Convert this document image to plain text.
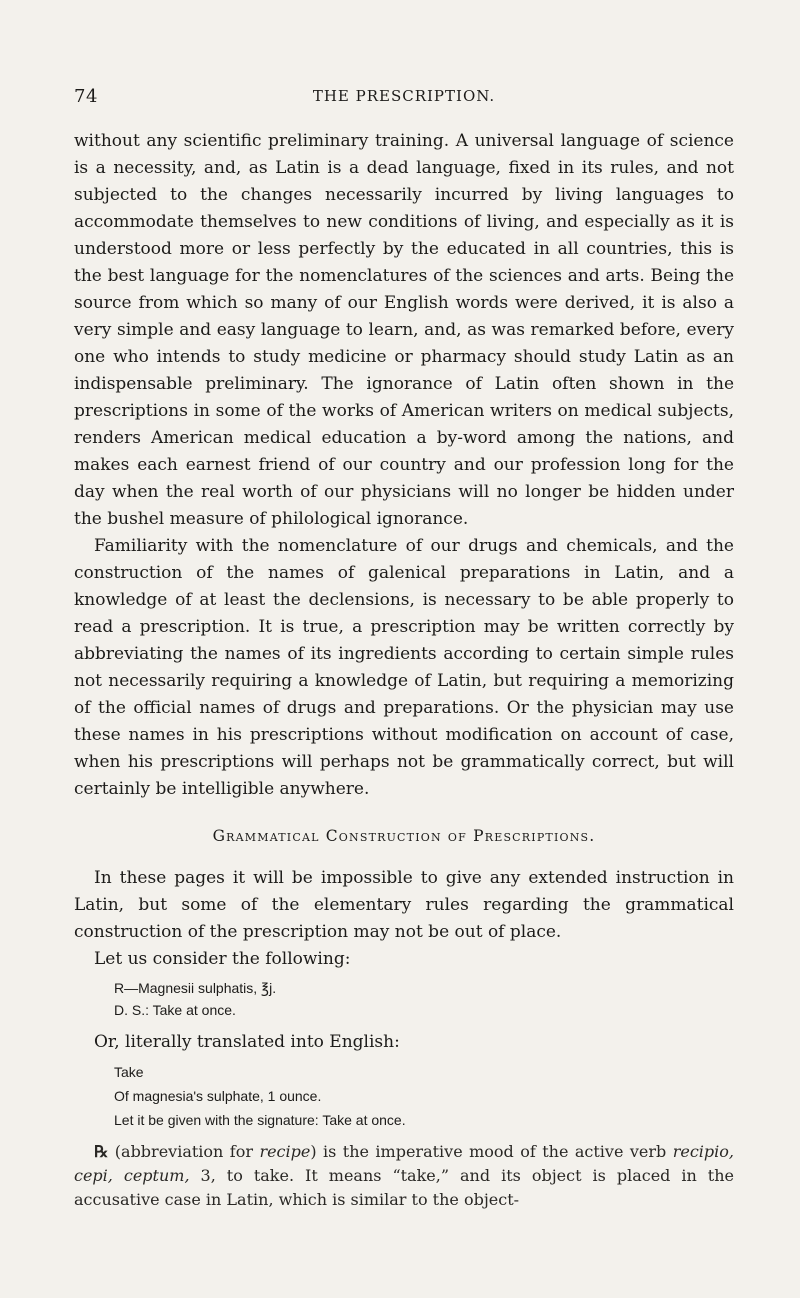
74	THE PRESCRIPTION.

without any scientific preliminary training. A universal language of science is a necessity, and, as Latin is a dead language, fixed in its rules, and not subjected to the changes necessarily incurred by living languages to accommodate themselves to new conditions of living, and especially as it is understood more or less perfectly by the educated in all countries, this is the best language for the nomenclatures of the sciences and arts. Being the source from which so many of our English words were derived, it is also a very simple and easy language to learn, and, as was remarked before, every one who intends to study medicine or pharmacy should study Latin as an indispensable preliminary. The ignorance of Latin often shown in the prescriptions in some of the works of American writers on medical subjects, renders American medical education a by-word among the nations, and makes each earnest friend of our country and our profession long for the day when the real worth of our physicians will no longer be hidden under the bushel measure of philological ignorance.

Familiarity with the nomenclature of our drugs and chemicals, and the construction of the names of galenical preparations in Latin, and a knowledge of at least the declensions, is necessary to be able properly to read a prescription. It is true, a prescription may be written correctly by abbreviating the names of its ingredients according to certain simple rules not necessarily requiring a knowledge of Latin, but requiring a memorizing of the official names of drugs and preparations. Or the physician may use these names in his prescriptions without modification on account of case, when his prescriptions will perhaps not be grammatically correct, but will certainly be intelligible anywhere.

Grammatical Construction of Prescriptions.

In these pages it will be impossible to give any extended instruction in Latin, but some of the elementary rules regarding the grammatical construction of the prescription may not be out of place.

Let us consider the following:

R—Magnesii sulphatis, ℥j.
D. S.: Take at once.

Or, literally translated into English:

Take
Of magnesia's sulphate, 1 ounce.
Let it be given with the signature: Take at once.

℞ (abbreviation for recipe) is the imperative mood of the active verb recipio, cepi, ceptum, 3, to take. It means “take,” and its object is placed in the accusative case in Latin, which is similar to the object-
